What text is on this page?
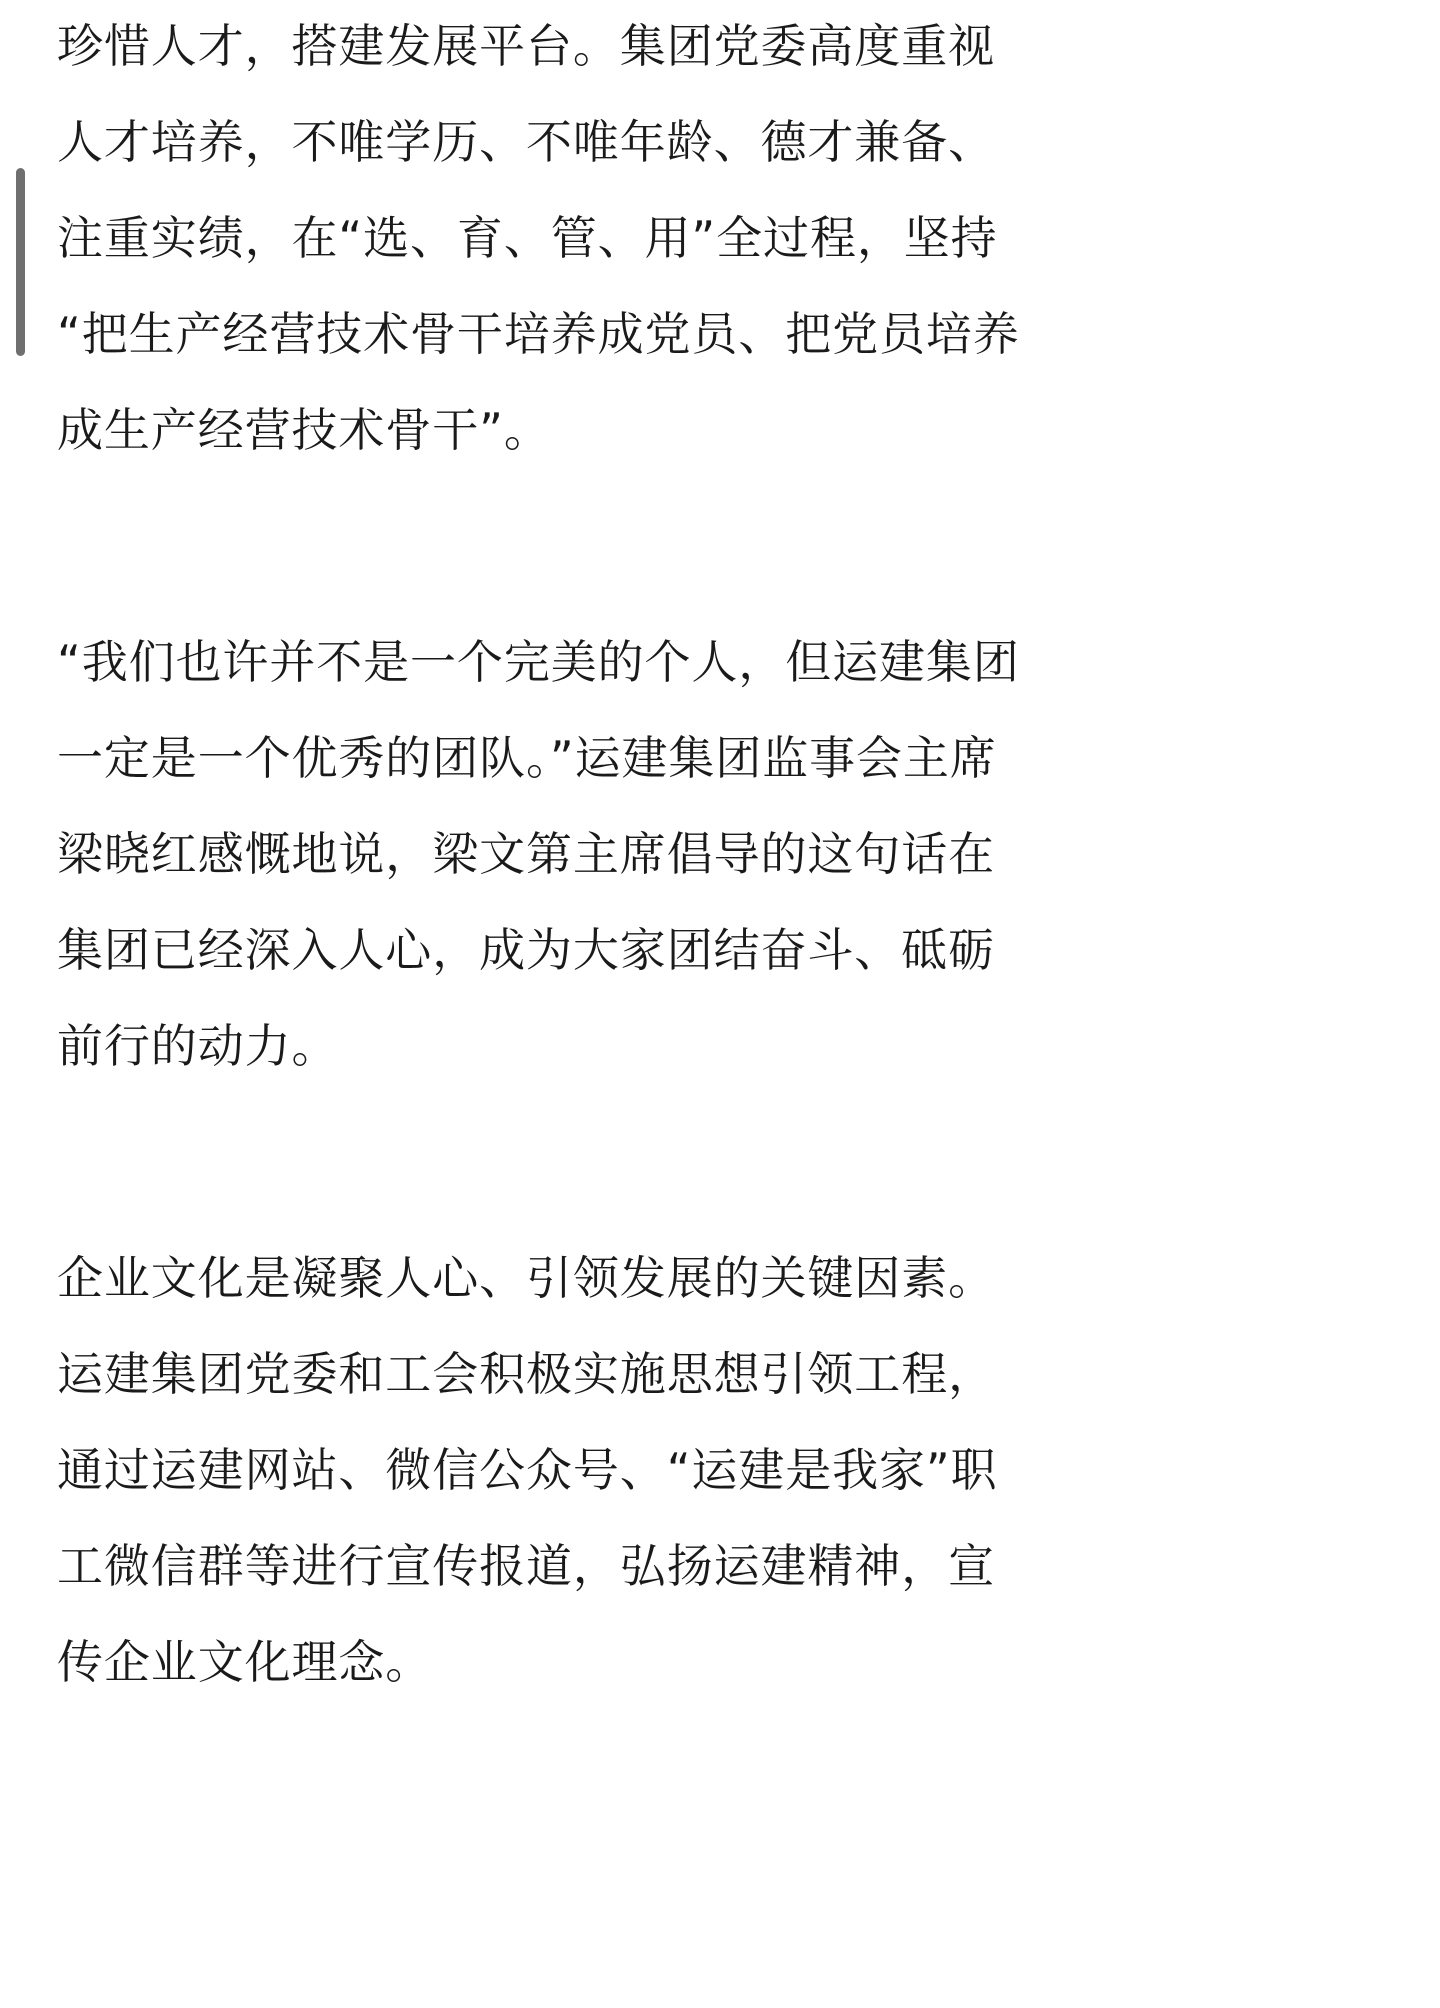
珍惜人才，搭建发展平台。集团党委高度重视
人才培养，不唯学历、不唯年龄、德才兼备、
注重实绩，在“选、育、管、用”全过程，坚持
“把生产经营技术骨干培养成党员、把党员培养
成生产经营技术骨干”。
“我们也许并不是一个完美的个人，但运建集团
一定是一个优秀的团队。”运建集团监事会主席
梁晓红感慨地说，梁文第主席倡导的这句话在
集团已经深入人心，成为大家团结奋斗、砥砺
前行的动力。
企业文化是凝聚人心、引领发展的关键因素。
运建集团党委和工会积极实施思想引领工程，
通过运建网站、微信公众号、“运建是我家”职
工微信群等进行宣传报道，弘扬运建精神，宣
传企业文化理念。
